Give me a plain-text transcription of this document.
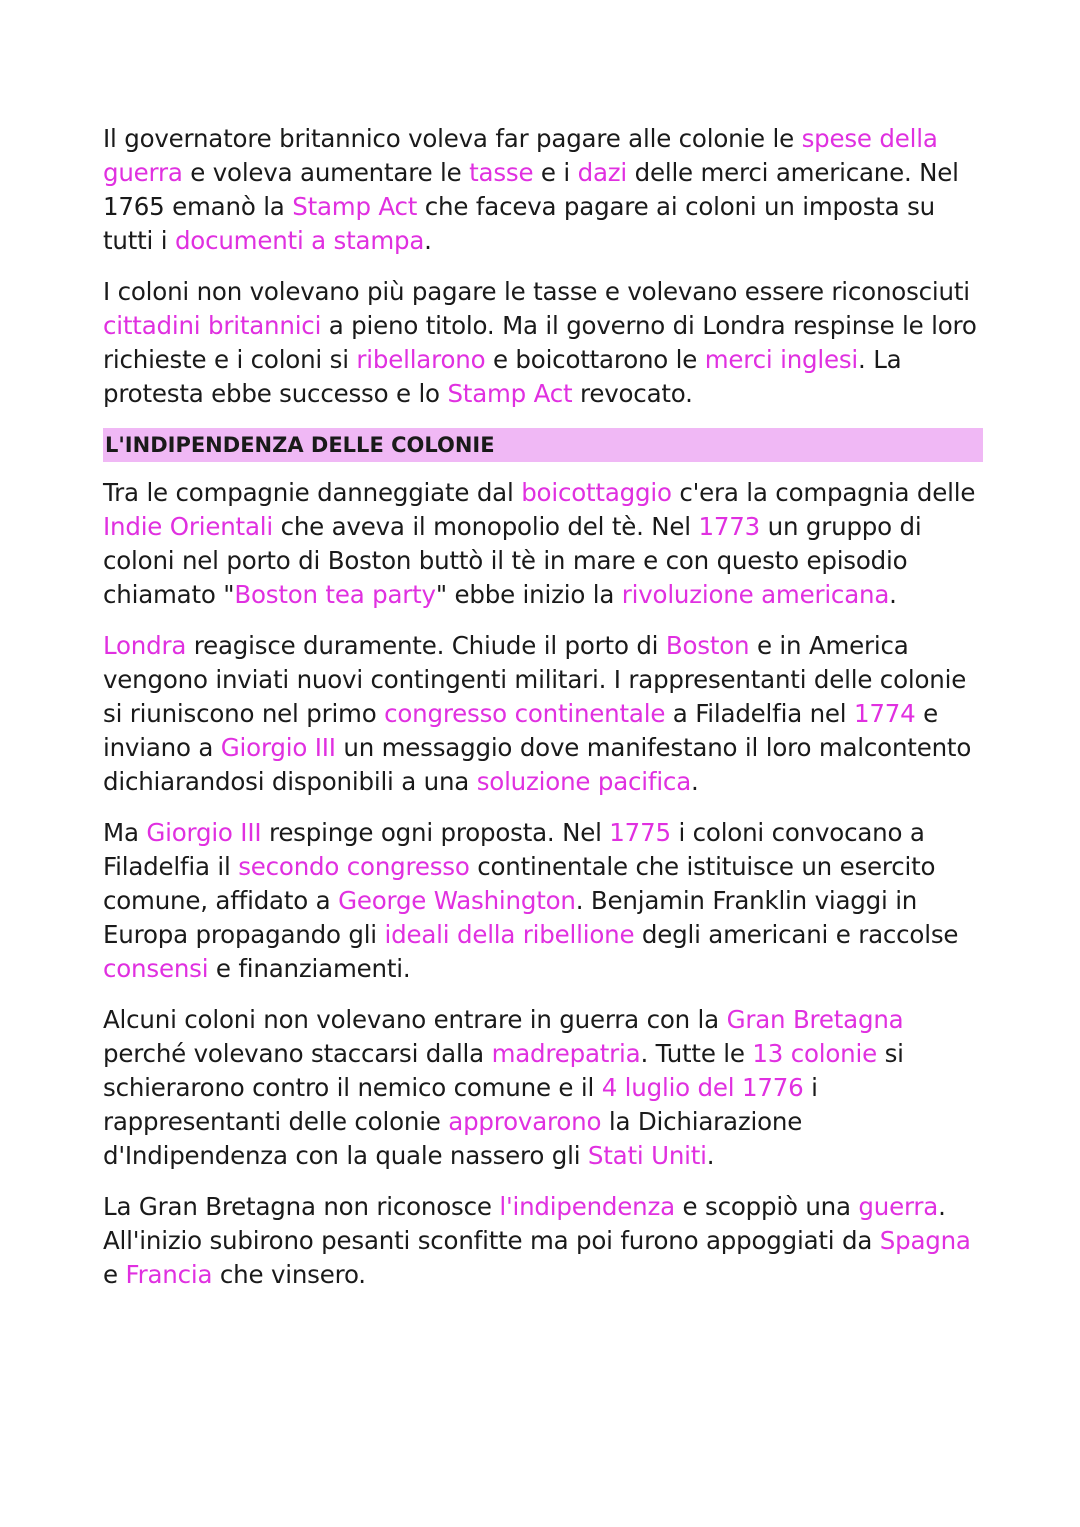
Il governatore britannico voleva far pagare alle colonie le spese della guerra e voleva aumentare le tasse e i dazi delle merci americane. Nel 1765 emanò la Stamp Act che faceva pagare ai coloni un imposta su tutti i documenti a stampa.

I coloni non volevano più pagare le tasse e volevano essere riconosciuti cittadini britannici a pieno titolo. Ma il governo di Londra respinse le loro richieste e i coloni si ribellarono e boicottarono le merci inglesi. La protesta ebbe successo e lo Stamp Act revocato.

L'INDIPENDENZA DELLE COLONIE

Tra le compagnie danneggiate dal boicottaggio c'era la compagnia delle Indie Orientali che aveva il monopolio del tè. Nel 1773 un gruppo di coloni nel porto di Boston buttò il tè in mare e con questo episodio chiamato "Boston tea party" ebbe inizio la rivoluzione americana.

Londra reagisce duramente. Chiude il porto di Boston e in America vengono inviati nuovi contingenti militari. I rappresentanti delle colonie si riuniscono nel primo congresso continentale a Filadelfia nel 1774 e inviano a Giorgio III un messaggio dove manifestano il loro malcontento dichiarandosi disponibili a una soluzione pacifica.

Ma Giorgio III respinge ogni proposta. Nel 1775 i coloni convocano a Filadelfia il secondo congresso continentale che istituisce un esercito comune, affidato a George Washington. Benjamin Franklin viaggi in Europa propagando gli ideali della ribellione degli americani e raccolse consensi e finanziamenti.

Alcuni coloni non volevano entrare in guerra con la Gran Bretagna perché volevano staccarsi dalla madrepatria. Tutte le 13 colonie si schierarono contro il nemico comune e il 4 luglio del 1776 i rappresentanti delle colonie approvarono la Dichiarazione d'Indipendenza con la quale nassero gli Stati Uniti.

La Gran Bretagna non riconosce l'indipendenza e scoppiò una guerra. All'inizio subirono pesanti sconfitte ma poi furono appoggiati da Spagna e Francia che vinsero.
